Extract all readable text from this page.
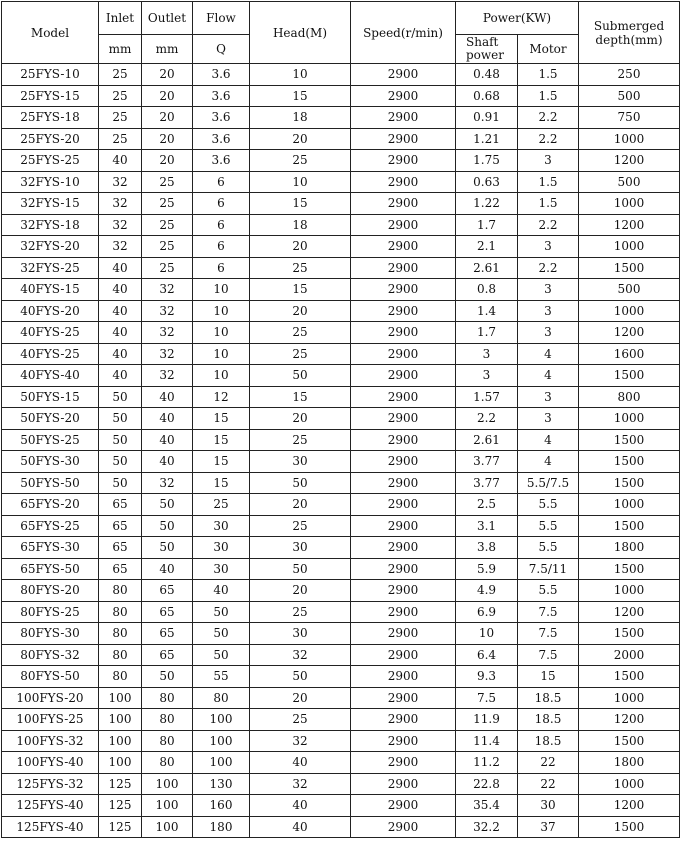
Model	Inlet	Outlet	Flow	Head(M)	Speed(r/min)	Power(KW)		Submerged depth(mm)
	mm	mm	Q			Shaft power	Motor	
25FYS-10	25	20	3.6	10	2900	0.48	1.5	250
25FYS-15	25	20	3.6	15	2900	0.68	1.5	500
25FYS-18	25	20	3.6	18	2900	0.91	2.2	750
25FYS-20	25	20	3.6	20	2900	1.21	2.2	1000
25FYS-25	40	20	3.6	25	2900	1.75	3	1200
32FYS-10	32	25	6	10	2900	0.63	1.5	500
32FYS-15	32	25	6	15	2900	1.22	1.5	1000
32FYS-18	32	25	6	18	2900	1.7	2.2	1200
32FYS-20	32	25	6	20	2900	2.1	3	1000
32FYS-25	40	25	6	25	2900	2.61	2.2	1500
40FYS-15	40	32	10	15	2900	0.8	3	500
40FYS-20	40	32	10	20	2900	1.4	3	1000
40FYS-25	40	32	10	25	2900	1.7	3	1200
40FYS-25	40	32	10	25	2900	3	4	1600
40FYS-40	40	32	10	50	2900	3	4	1500
50FYS-15	50	40	12	15	2900	1.57	3	800
50FYS-20	50	40	15	20	2900	2.2	3	1000
50FYS-25	50	40	15	25	2900	2.61	4	1500
50FYS-30	50	40	15	30	2900	3.77	4	1500
50FYS-50	50	32	15	50	2900	3.77	5.5/7.5	1500
65FYS-20	65	50	25	20	2900	2.5	5.5	1000
65FYS-25	65	50	30	25	2900	3.1	5.5	1500
65FYS-30	65	50	30	30	2900	3.8	5.5	1800
65FYS-50	65	40	30	50	2900	5.9	7.5/11	1500
80FYS-20	80	65	40	20	2900	4.9	5.5	1000
80FYS-25	80	65	50	25	2900	6.9	7.5	1200
80FYS-30	80	65	50	30	2900	10	7.5	1500
80FYS-32	80	65	50	32	2900	6.4	7.5	2000
80FYS-50	80	50	55	50	2900	9.3	15	1500
100FYS-20	100	80	80	20	2900	7.5	18.5	1000
100FYS-25	100	80	100	25	2900	11.9	18.5	1200
100FYS-32	100	80	100	32	2900	11.4	18.5	1500
100FYS-40	100	80	100	40	2900	11.2	22	1800
125FYS-32	125	100	130	32	2900	22.8	22	1000
125FYS-40	125	100	160	40	2900	35.4	30	1200
125FYS-40	125	100	180	40	2900	32.2	37	1500
